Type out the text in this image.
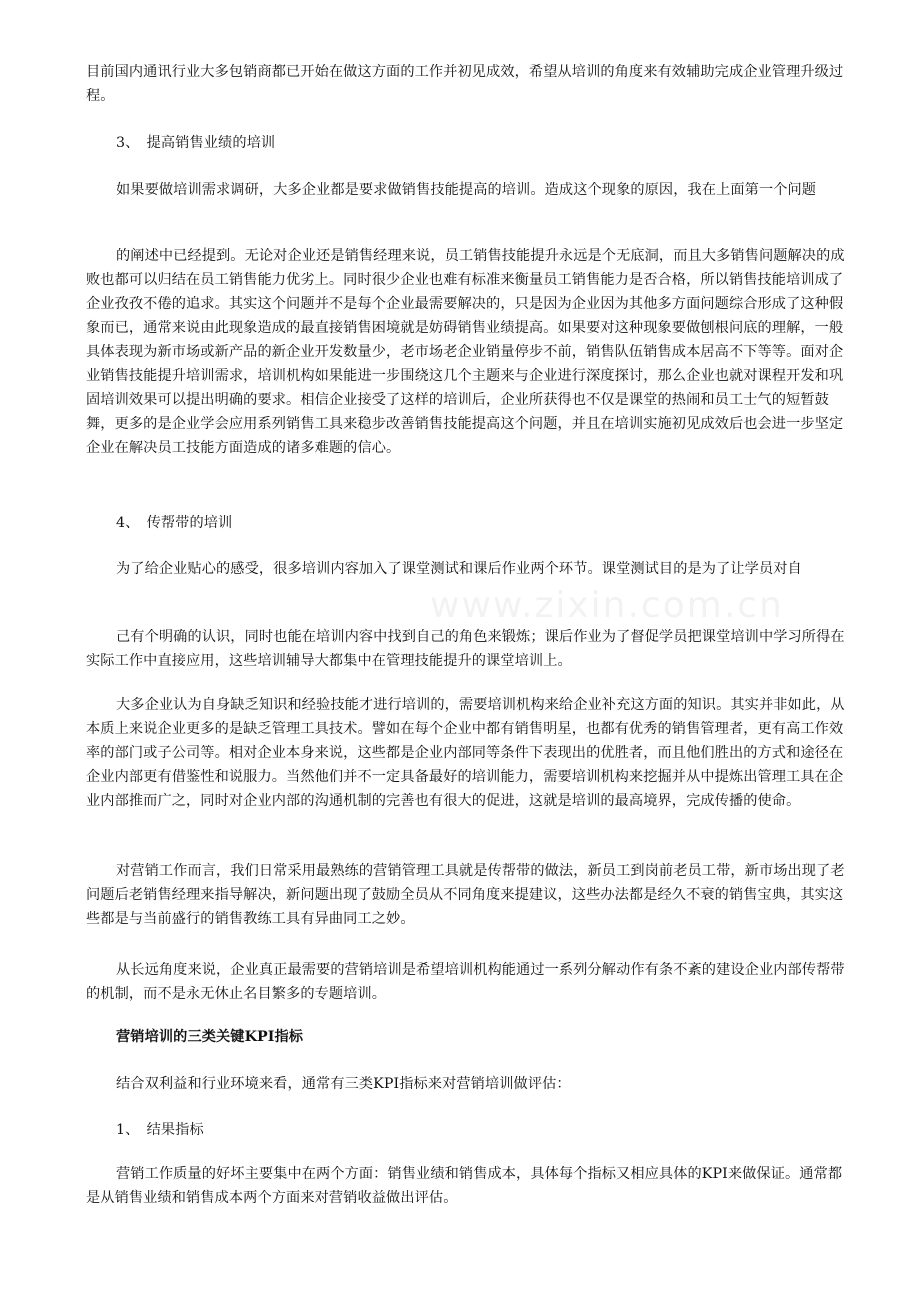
www.zixin.com.cn

目前国内通讯行业大多包销商都已开始在做这方面的工作并初见成效，希望从培训的角度来有效辅助完成企业管理升级过程。

3、　提高销售业绩的培训

如果要做培训需求调研，大多企业都是要求做销售技能提高的培训。造成这个现象的原因，我在上面第一个问题

的阐述中已经提到。无论对企业还是销售经理来说，员工销售技能提升永远是个无底洞，而且大多销售问题解决的成败也都可以归结在员工销售能力优劣上。同时很少企业也难有标准来衡量员工销售能力是否合格，所以销售技能培训成了企业孜孜不倦的追求。其实这个问题并不是每个企业最需要解决的，只是因为企业因为其他多方面问题综合形成了这种假象而已，通常来说由此现象造成的最直接销售困境就是妨碍销售业绩提高。如果要对这种现象要做刨根问底的理解，一般具体表现为新市场或新产品的新企业开发数量少，老市场老企业销量停步不前，销售队伍销售成本居高不下等等。面对企业销售技能提升培训需求，培训机构如果能进一步围绕这几个主题来与企业进行深度探讨，那么企业也就对课程开发和巩固培训效果可以提出明确的要求。相信企业接受了这样的培训后，企业所获得也不仅是课堂的热闹和员工士气的短暂鼓舞，更多的是企业学会应用系列销售工具来稳步改善销售技能提高这个问题，并且在培训实施初见成效后也会进一步坚定企业在解决员工技能方面造成的诸多难题的信心。

4、　传帮带的培训

为了给企业贴心的感受，很多培训内容加入了课堂测试和课后作业两个环节。课堂测试目的是为了让学员对自

己有个明确的认识，同时也能在培训内容中找到自己的角色来锻炼；课后作业为了督促学员把课堂培训中学习所得在实际工作中直接应用，这些培训辅导大都集中在管理技能提升的课堂培训上。

大多企业认为自身缺乏知识和经验技能才进行培训的，需要培训机构来给企业补充这方面的知识。其实并非如此，从本质上来说企业更多的是缺乏管理工具技术。譬如在每个企业中都有销售明星，也都有优秀的销售管理者，更有高工作效率的部门或子公司等。相对企业本身来说，这些都是企业内部同等条件下表现出的优胜者，而且他们胜出的方式和途径在企业内部更有借鉴性和说服力。当然他们并不一定具备最好的培训能力，需要培训机构来挖掘并从中提炼出管理工具在企业内部推而广之，同时对企业内部的沟通机制的完善也有很大的促进，这就是培训的最高境界，完成传播的使命。

对营销工作而言，我们日常采用最熟练的营销管理工具就是传帮带的做法，新员工到岗前老员工带，新市场出现了老问题后老销售经理来指导解决，新问题出现了鼓励全员从不同角度来提建议，这些办法都是经久不衰的销售宝典，其实这些都是与当前盛行的销售教练工具有异曲同工之妙。

从长远角度来说，企业真正最需要的营销培训是希望培训机构能通过一系列分解动作有条不紊的建设企业内部传帮带的机制，而不是永无休止名目繁多的专题培训。

营销培训的三类关键KPI指标

结合双利益和行业环境来看，通常有三类KPI指标来对营销培训做评估：

1、　结果指标

营销工作质量的好坏主要集中在两个方面：销售业绩和销售成本，具体每个指标又相应具体的KPI来做保证。通常都是从销售业绩和销售成本两个方面来对营销收益做出评估。
